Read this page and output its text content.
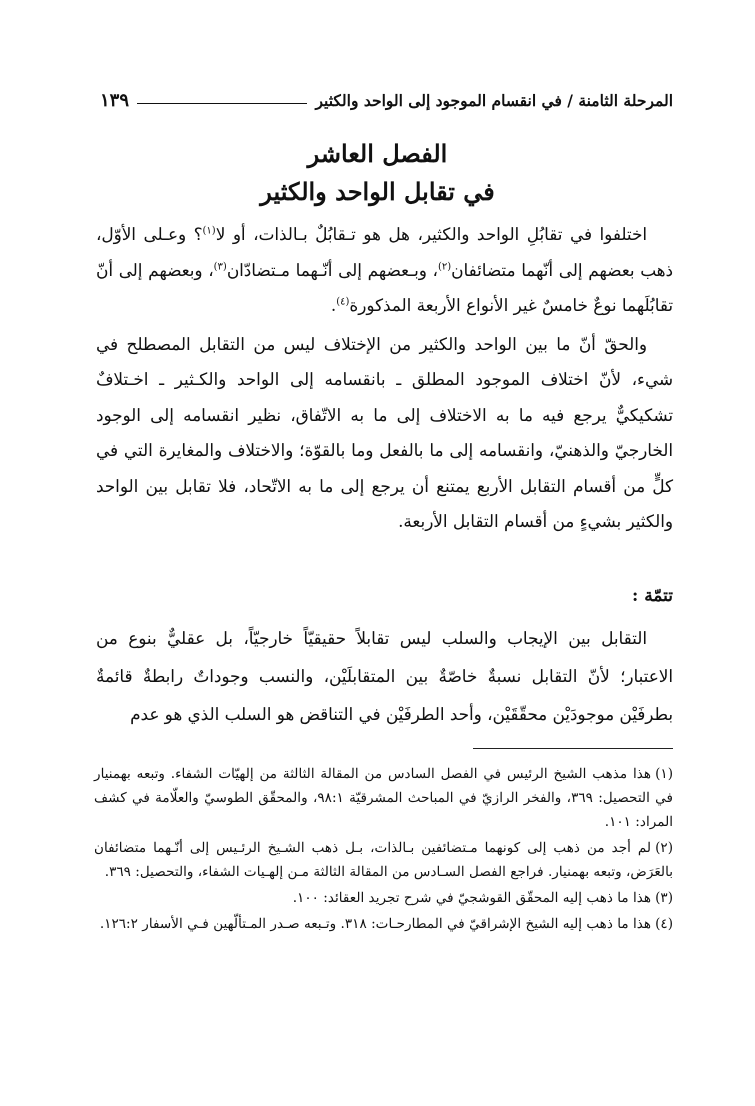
المرحلة الثامنة / في انقسام الموجود إلى الواحد والكثير
١٣٩
الفصل العاشر
في تقابل الواحد والكثير

اختلفوا في تقابُلِ الواحد والكثير، هل هو تـقابُلٌ بـالذات، أو لا$^{(١)}$؟ وعـلى الأوّل، ذهب بعضهم إلى أنّهما متضائفان$^{(٢)}$، وبـعضهم إلى أنّـهما مـتضادّان$^{(٣)}$، وبعضهم إلى أنّ تقابُلَهما نوعٌ خامسٌ غير الأنواع الأربعة المذكورة$^{(٤)}$.

والحقّ أنّ ما بين الواحد والكثير من الإختلاف ليس من التقابل المصطلح في شيء، لأنّ اختلاف الموجود المطلق ـ بانقسامه إلى الواحد والكـثير ـ اخـتلافٌ تشكيكيٌّ يرجع فيه ما به الاختلاف إلى ما به الاتّفاق، نظير انقسامه إلى الوجود الخارجيّ والذهنيّ، وانقسامه إلى ما بالفعل وما بالقوّة؛ والاختلاف والمغايرة التي في كلٍّ من أقسام التقابل الأربع يمتنع أن يرجع إلى ما به الاتّحاد، فلا تقابل بين الواحد والكثير بشيءٍ من أقسام التقابل الأربعة.

تتمّة :

التقابل بين الإيجاب والسلب ليس تقابلاً حقيقيّاً خارجيّاً، بل عقليٌّ بنوع من الاعتبار؛ لأنّ التقابل نسبةٌ خاصّةٌ بين المتقابلَيْن، والنسب وجوداتٌ رابطةٌ قائمةٌ بطرفَيْن موجودَيْن محقّقَيْن، وأحد الطرفَيْن في التناقض هو السلب الذي هو عدم

(١)هذا مذهب الشيخ الرئيس في الفصل السادس من المقالة الثالثة من إلهيّات الشفاء. وتبعه بهمنيار في التحصيل: ٣٦٩، والفخر الرازيّ في المباحث المشرقيّة ٩٨:١، والمحقّق الطوسيّ والعلّامة في كشف المراد: ١٠١.
(٢)لم أجد من ذهب إلى كونهما مـتضائفين بـالذات، بـل ذهب الشـيخ الرئـيس إلى أنّـهما متضائفان بالعَرَض، وتبعه بهمنيار. فراجع الفصل السـادس من المقالة الثالثة مـن إلهـيات الشفاء، والتحصيل: ٣٦٩.
(٣)هذا ما ذهب إليه المحقّق القوشجيّ في شرح تجريد العقائد: ١٠٠.
(٤)هذا ما ذهب إليه الشيخ الإشراقيّ في المطارحـات: ٣١٨. وتـبعه صـدر المـتألّهين فـي الأسفار ١٢٦:٢.
